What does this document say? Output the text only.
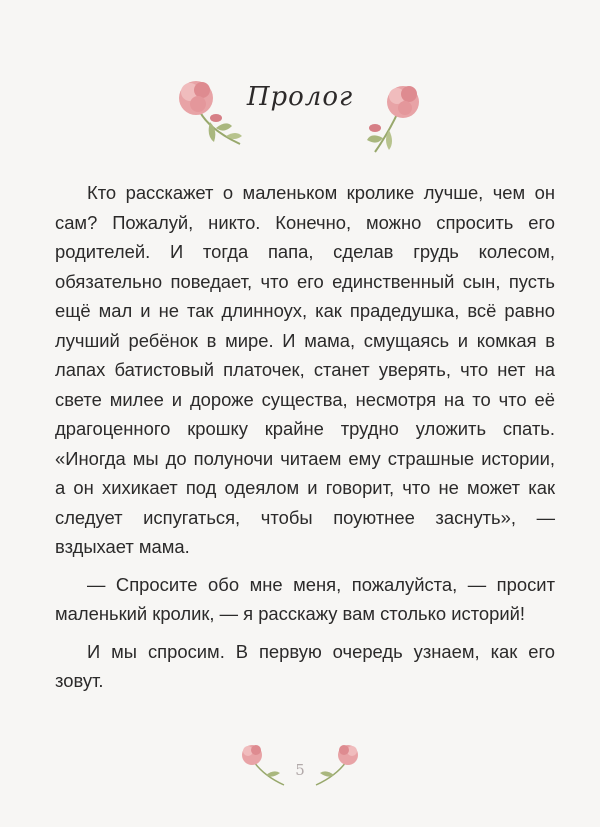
Пролог

Кто расскажет о маленьком кролике лучше, чем он сам? Пожалуй, никто. Конечно, можно спросить его родителей. И тогда папа, сделав грудь колесом, обязательно поведает, что его единственный сын, пусть ещё мал и не так длинноух, как прадедушка, всё равно лучший ребёнок в мире. И мама, смущаясь и комкая в лапах батистовый платочек, станет уверять, что нет на свете милее и дороже существа, несмотря на то что её драгоценного крошку крайне трудно уложить спать. «Иногда мы до полуночи читаем ему страшные истории, а он хихикает под одеялом и говорит, что не может как следует испугаться, чтобы поуютнее заснуть», — вздыхает мама.

— Спросите обо мне меня, пожалуйста, — просит маленький кролик, — я расскажу вам столько историй!

И мы спросим. В первую очередь узнаем, как его зовут.

5
